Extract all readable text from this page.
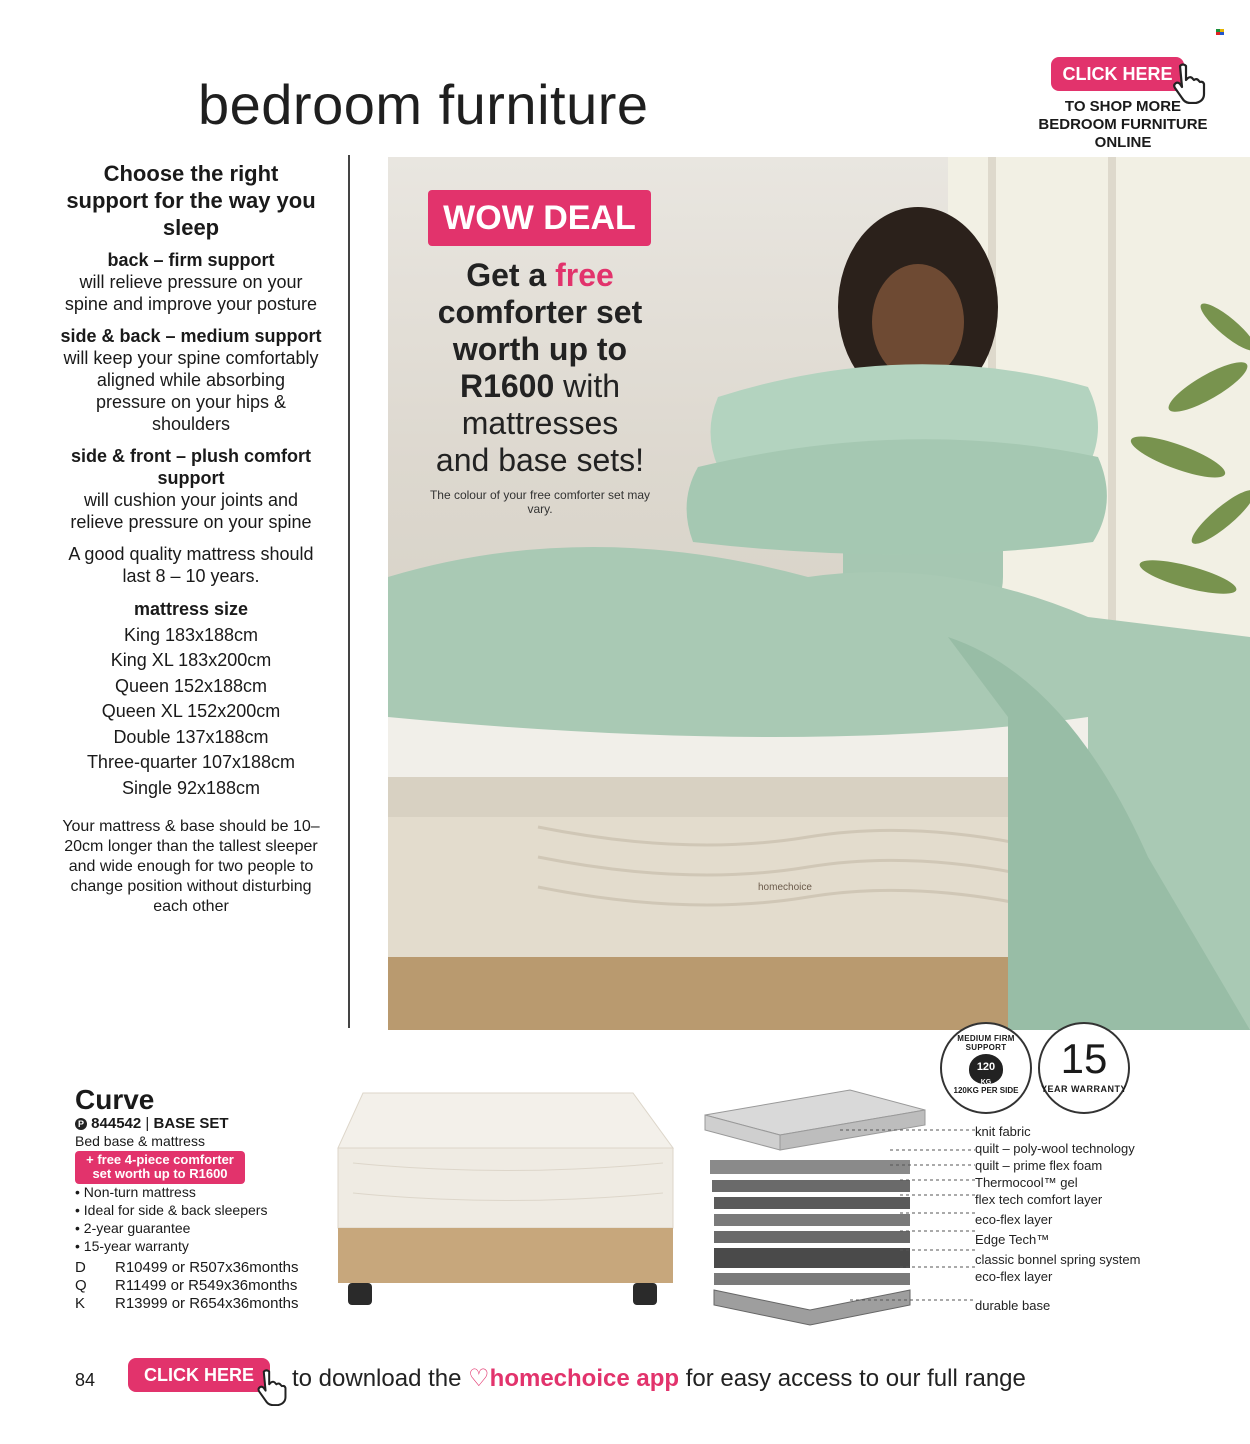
bedroom furniture	CLICK HERE
TO SHOP MORE
BEDROOM FURNITURE
ONLINE
Choose the right support for the way you sleep
back – firm support
will relieve pressure on your spine and improve your posture
side & back – medium support
will keep your spine comfortably aligned while absorbing pressure on your hips & shoulders
side & front – plush comfort support
will cushion your joints and relieve pressure on your spine
A good quality mattress should last 8 – 10 years.
mattress size
King 183x188cm
King XL 183x200cm
Queen 152x188cm
Queen XL 152x200cm
Double 137x188cm
Three-quarter 107x188cm
Single 92x188cm
Your mattress & base should be 10–20cm longer than the tallest sleeper and wide enough for two people to change position without disturbing each other
homechoice
WOW DEAL
Get a free
comforter set
worth up to
R1600 with
mattresses
and base sets!
The colour of your free comforter set may vary.
Curve
P 844542 | BASE SET
Bed base & mattress
+ free 4-piece comforter
set worth up to R1600
• Non-turn mattress
• Ideal for side & back sleepers
• 2-year guarantee
• 15-year warranty
D R10499 or R507x36months
Q R11499 or R549x36months
K R13999 or R654x36months
knit fabric
quilt – poly-wool technology
quilt – prime flex foam
Thermocool™ gel
flex tech comfort layer
eco-flex layer
Edge Tech™
classic bonnel spring system
eco-flex layer
durable base
MEDIUM FIRM SUPPORT
120
KG
120KG PER SIDE
15
YEAR WARRANTY
84	CLICK HERE	to download the ♡homechoice app for easy access to our full range
